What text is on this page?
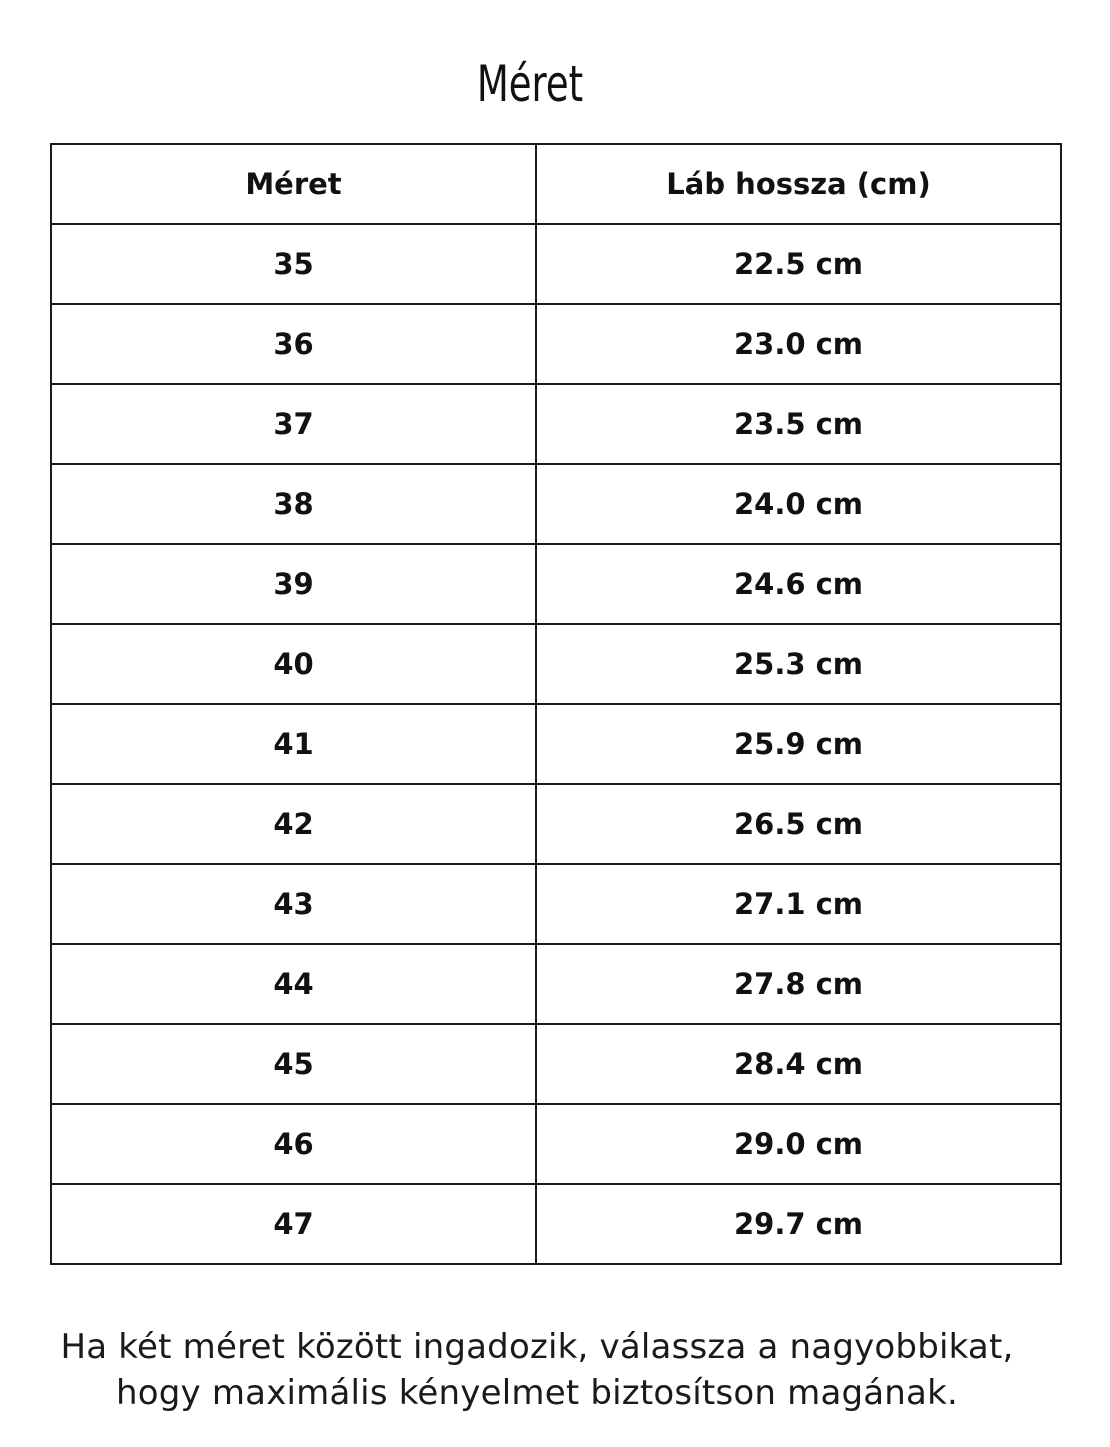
Méret
Méret	Láb hossza (cm)
35	22.5 cm
36	23.0 cm
37	23.5 cm
38	24.0 cm
39	24.6 cm
40	25.3 cm
41	25.9 cm
42	26.5 cm
43	27.1 cm
44	27.8 cm
45	28.4 cm
46	29.0 cm
47	29.7 cm
Ha két méret között ingadozik, válassza a nagyobbikat,
hogy maximális kényelmet biztosítson magának.
